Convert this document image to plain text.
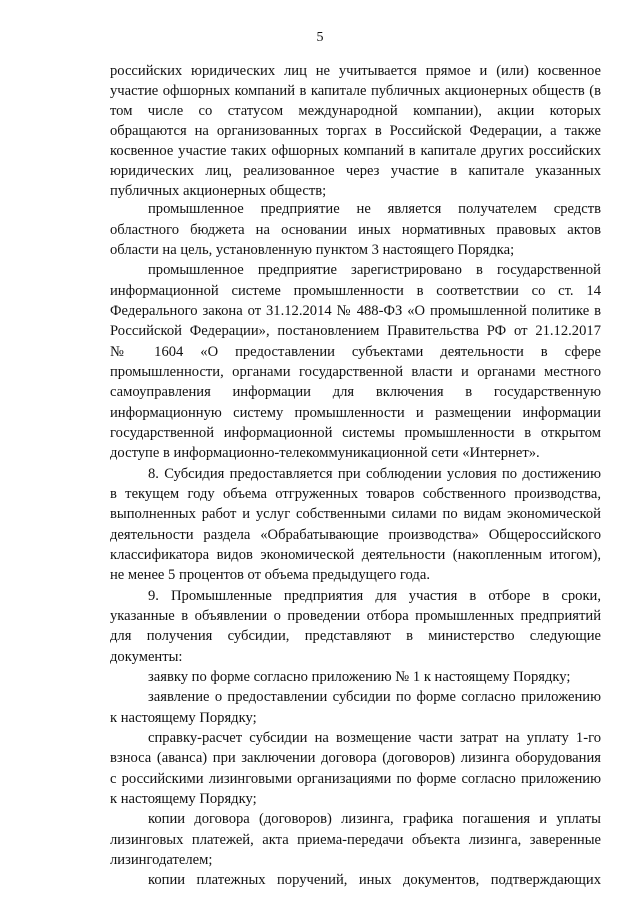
5
российских юридических лиц не учитывается прямое и (или) косвенное
участие офшорных компаний в капитале публичных акционерных обществ (в
том числе со статусом международной компании), акции которых
обращаются на организованных торгах в Российской Федерации, а также
косвенное участие таких офшорных компаний в капитале других российских
юридических лиц, реализованное через участие в капитале указанных
публичных акционерных обществ;
промышленное предприятие не является получателем средств
областного бюджета на основании иных нормативных правовых актов
области на цель, установленную пунктом 3 настоящего Порядка;
промышленное предприятие зарегистрировано в государственной
информационной системе промышленности в соответствии со ст. 14
Федерального закона от 31.12.2014 № 488-ФЗ «О промышленной политике в
Российской Федерации», постановлением Правительства РФ от 21.12.2017
№ 1604 «О предоставлении субъектами деятельности в сфере
промышленности, органами государственной власти и органами местного
самоуправления информации для включения в государственную
информационную систему промышленности и размещении информации
государственной информационной системы промышленности в открытом
доступе в информационно-телекоммуникационной сети «Интернет».
8. Субсидия предоставляется при соблюдении условия по достижению
в текущем году объема отгруженных товаров собственного производства,
выполненных работ и услуг собственными силами по видам экономической
деятельности раздела «Обрабатывающие производства» Общероссийского
классификатора видов экономической деятельности (накопленным итогом),
не менее 5 процентов от объема предыдущего года.
9. Промышленные предприятия для участия в отборе в сроки,
указанные в объявлении о проведении отбора промышленных предприятий
для получения субсидии, представляют в министерство следующие
документы:
заявку по форме согласно приложению № 1 к настоящему Порядку;
заявление о предоставлении субсидии по форме согласно приложению
к настоящему Порядку;
справку-расчет субсидии на возмещение части затрат на уплату 1-го
взноса (аванса) при заключении договора (договоров) лизинга оборудования
с российскими лизинговыми организациями по форме согласно приложению
к настоящему Порядку;
копии договора (договоров) лизинга, графика погашения и уплаты
лизинговых платежей, акта приема-передачи объекта лизинга, заверенные
лизингодателем;
копии платежных поручений, иных документов, подтверждающих
